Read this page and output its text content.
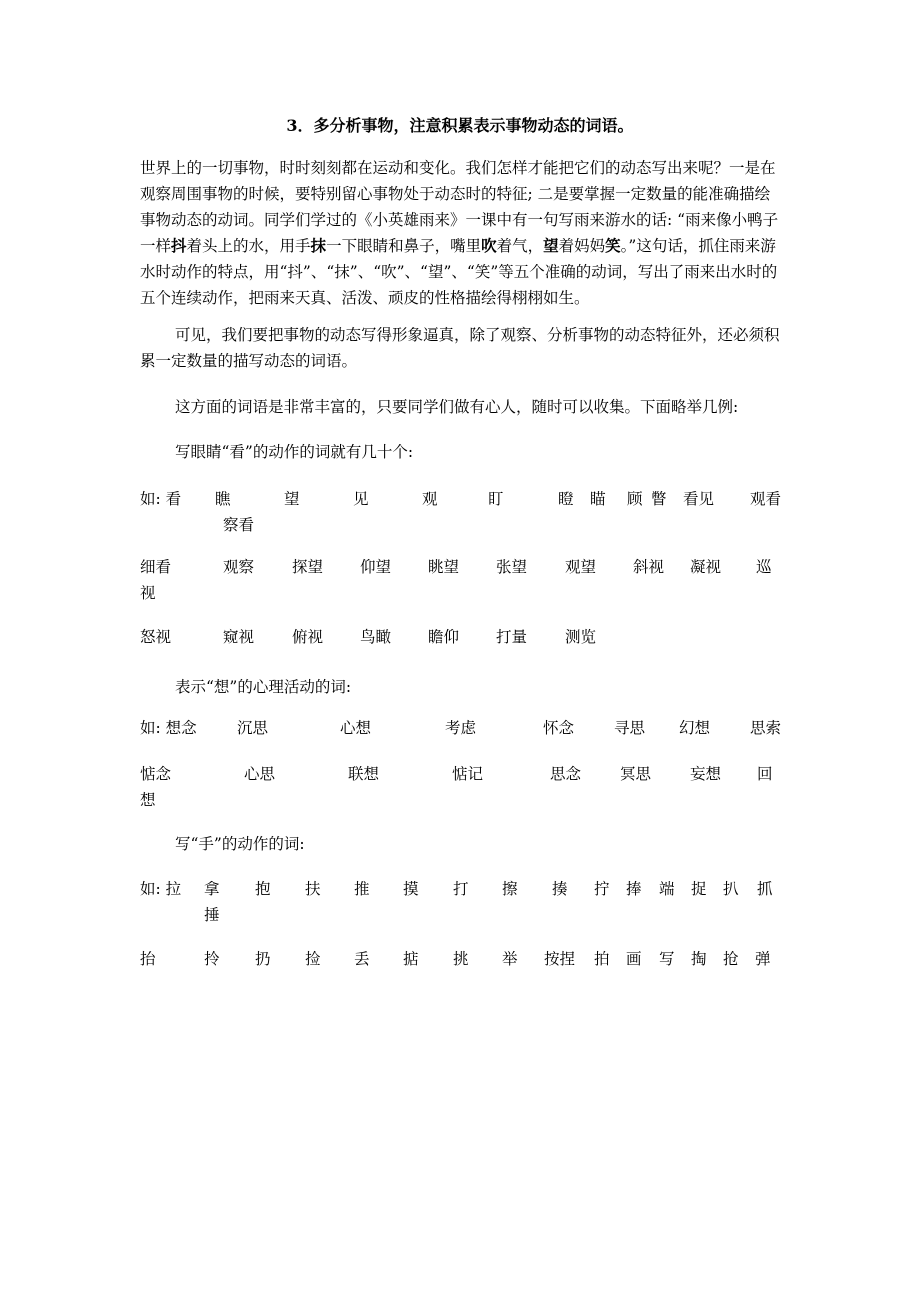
3．多分析事物，注意积累表示事物动态的词语。

世界上的一切事物，时时刻刻都在运动和变化。我们怎样才能把它们的动态写出来呢？一是在观察周围事物的时候，要特别留心事物处于动态时的特征; 二是要掌握一定数量的能准确描绘事物动态的动词。同学们学过的《小英雄雨来》一课中有一句写雨来游水的话: “雨来像小鸭子一样抖着头上的水，用手抹一下眼睛和鼻子，嘴里吹着气，望着妈妈笑。”这句话，抓住雨来游水时动作的特点，用“抖”、“抹”、“吹”、“望”、“笑”等五个准确的动词，写出了雨来出水时的五个连续动作，把雨来天真、活泼、顽皮的性格描绘得栩栩如生。

可见，我们要把事物的动态写得形象逼真，除了观察、分析事物的动态特征外，还必须积累一定数量的描写动态的词语。

这方面的词语是非常丰富的，只要同学们做有心人，随时可以收集。下面略举几例:

写眼睛“看”的动作的词就有几十个:

如: 看 瞧	望	见	观	盯	瞪 瞄 顾 瞥 看见 观看
察看
细看	观察 探望 仰望 眺望 张望 观望 斜视 凝视 巡
视
怒视	窥视 俯视 鸟瞰 瞻仰 打量 测览

表示“想”的心理活动的词:

如: 想念	沉思	心想	考虑	怀念	寻思 幻想	思索
惦念	心思	联想	惦记	思念	冥思	妄想 回
想

写“手”的动作的词:

如: 拉 拿 抱 扶 推 摸 打 擦 揍 拧 捧 端 捉 扒 抓
捶
抬	拎 扔 捡 丢 掂 挑 举 按捏 拍 画 写 掏 抢 弹
